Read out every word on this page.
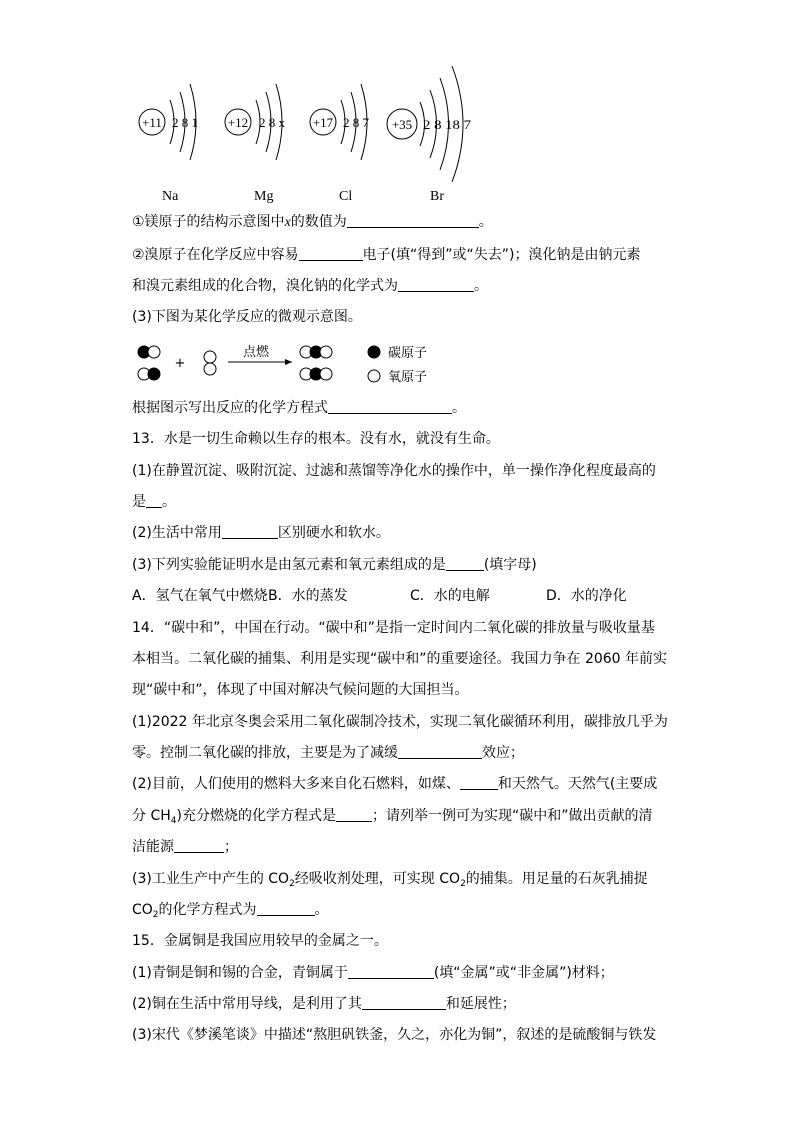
+11 2 8 1
Na
+12 2 8 x
Mg
+17 2 8 7
Cl
+35 2 8 18 7
Br
①镁原子的结构示意图中x的数值为	。
②溴原子在化学反应中容易	电子(填“得到”或“失去”)；溴化钠是由钠元素
和溴元素组成的化合物，溴化钠的化学式为	。
(3)下图为某化学反应的微观示意图。
+
点燃	碳原子
氧原子
根据图示写出反应的化学方程式	。
13．水是一切生命赖以生存的根本。没有水，就没有生命。
(1)在静置沉淀、吸附沉淀、过滤和蒸馏等净化水的操作中，单一操作净化程度最高的
是 。
(2)生活中常用	区别硬水和软水。
(3)下列实验能证明水是由氢元素和氧元素组成的是	(填字母)
A．氢气在氧气中燃烧 B．水的蒸发	C．水的电解	D．水的净化
14．“碳中和”，中国在行动。“碳中和”是指一定时间内二氧化碳的排放量与吸收量基
本相当。二氧化碳的捕集、利用是实现“碳中和”的重要途径。我国力争在 2060 年前实
现“碳中和”，体现了中国对解决气候问题的大国担当。
(1)2022 年北京冬奥会采用二氧化碳制冷技术，实现二氧化碳循环利用，碳排放几乎为
零。控制二氧化碳的排放，主要是为了减缓	效应；
(2)目前，人们使用的燃料大多来自化石燃料，如煤、	和天然气。天然气(主要成
分 $CH_4$)充分燃烧的化学方程式是	；请列举一例可为实现“碳中和”做出贡献的清
洁能源	；
(3)工业生产中产生的 $CO_2$经吸收剂处理，可实现 $CO_2$的捕集。用足量的石灰乳捕捉
$CO_2$的化学方程式为	。
15．金属铜是我国应用较早的金属之一。
(1)青铜是铜和锡的合金，青铜属于	(填“金属”或“非金属”)材料；
(2)铜在生活中常用导线，是利用了其	和延展性；
(3)宋代《梦溪笔谈》中描述“熬胆矾铁釜，久之，亦化为铜”，叙述的是硫酸铜与铁发
